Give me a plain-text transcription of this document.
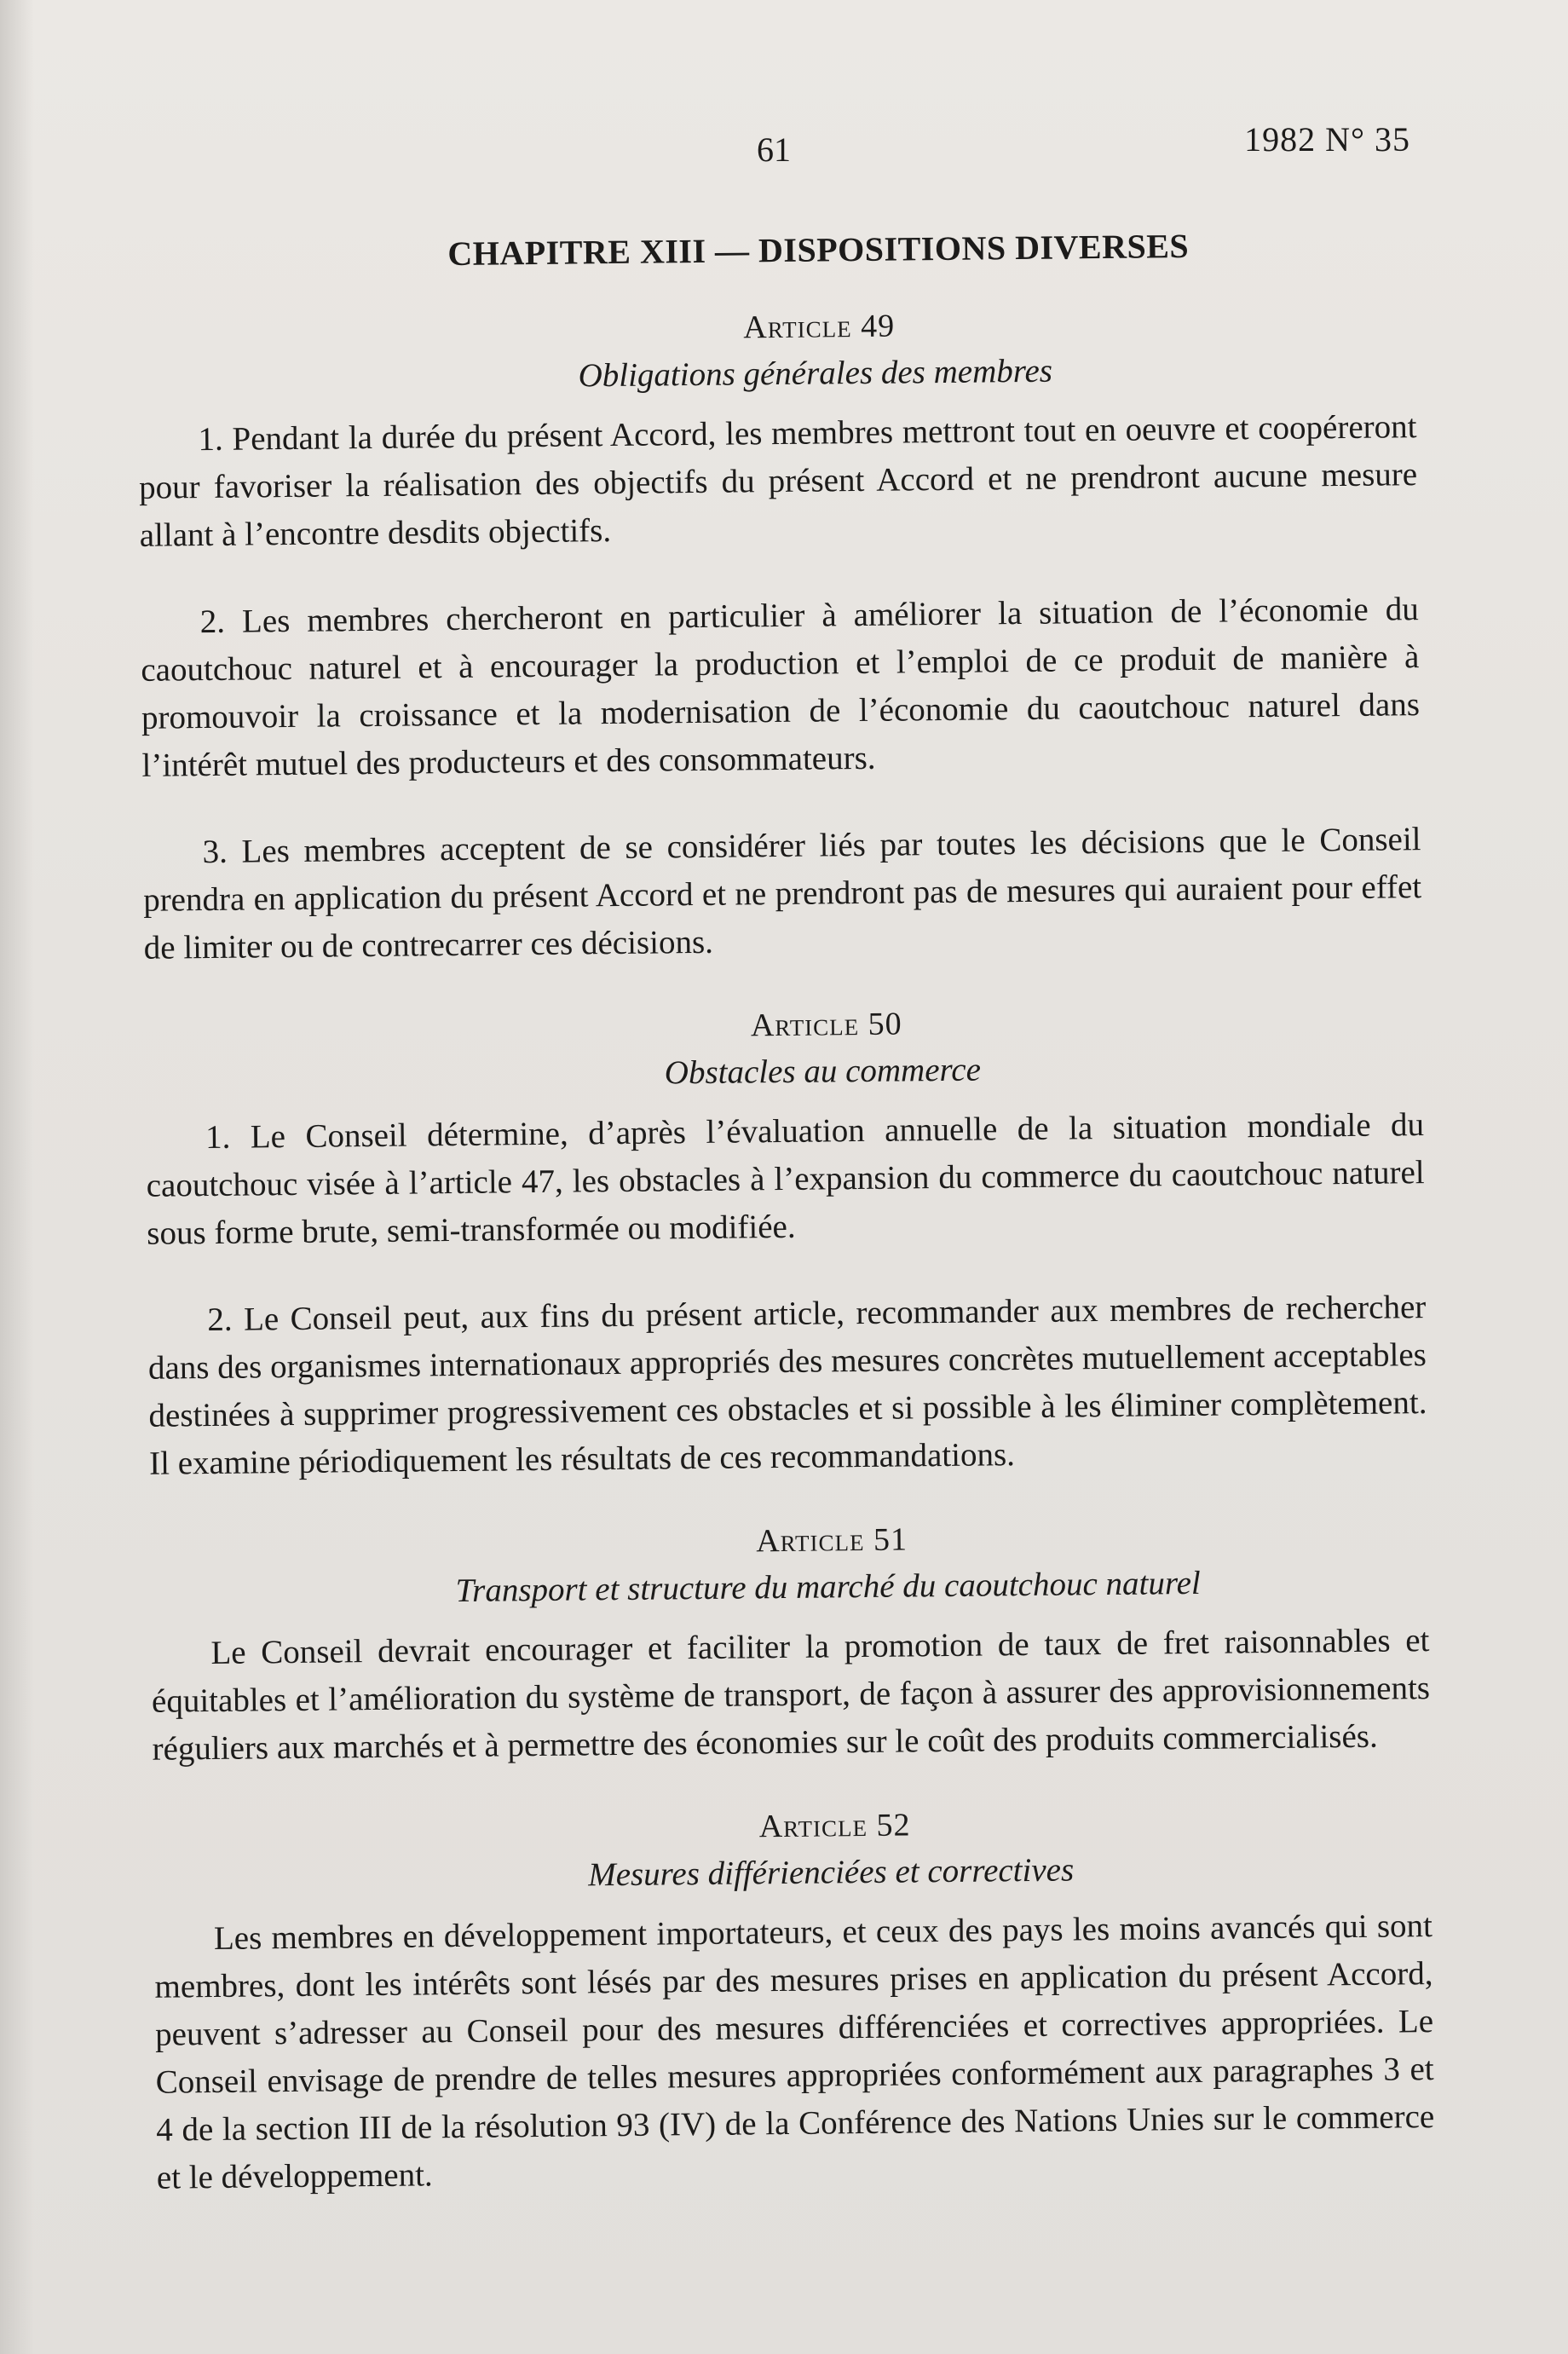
61	1982 N° 35
CHAPITRE XIII — DISPOSITIONS DIVERSES
Article 49
Obligations générales des membres

1. Pendant la durée du présent Accord, les membres mettront tout en oeuvre et coopéreront pour favoriser la réalisation des objectifs du présent Accord et ne prendront aucune mesure allant à l’encontre desdits objectifs.

2. Les membres chercheront en particulier à améliorer la situation de l’économie du caoutchouc naturel et à encourager la production et l’emploi de ce produit de manière à promouvoir la croissance et la modernisation de l’économie du caoutchouc naturel dans l’intérêt mutuel des producteurs et des consommateurs.

3. Les membres acceptent de se considérer liés par toutes les décisions que le Conseil prendra en application du présent Accord et ne prendront pas de mesures qui auraient pour effet de limiter ou de contrecarrer ces décisions.

Article 50
Obstacles au commerce

1. Le Conseil détermine, d’après l’évaluation annuelle de la situation mondiale du caoutchouc visée à l’article 47, les obstacles à l’expansion du commerce du caoutchouc naturel sous forme brute, semi-transformée ou modifiée.

2. Le Conseil peut, aux fins du présent article, recommander aux membres de rechercher dans des organismes internationaux appropriés des mesures concrètes mutuellement acceptables destinées à supprimer progressivement ces obstacles et si possible à les éliminer complètement. Il examine périodiquement les résultats de ces recommandations.

Article 51
Transport et structure du marché du caoutchouc naturel

Le Conseil devrait encourager et faciliter la promotion de taux de fret raisonnables et équitables et l’amélioration du système de transport, de façon à assurer des approvisionnements réguliers aux marchés et à permettre des économies sur le coût des produits commercialisés.

Article 52
Mesures différienciées et correctives

Les membres en développement importateurs, et ceux des pays les moins avancés qui sont membres, dont les intérêts sont lésés par des mesures prises en application du présent Accord, peuvent s’adresser au Conseil pour des mesures différenciées et correctives appropriées. Le Conseil envisage de prendre de telles mesures appropriées conformément aux paragraphes 3 et 4 de la section III de la résolution 93 (IV) de la Conférence des Nations Unies sur le commerce et le développement.
